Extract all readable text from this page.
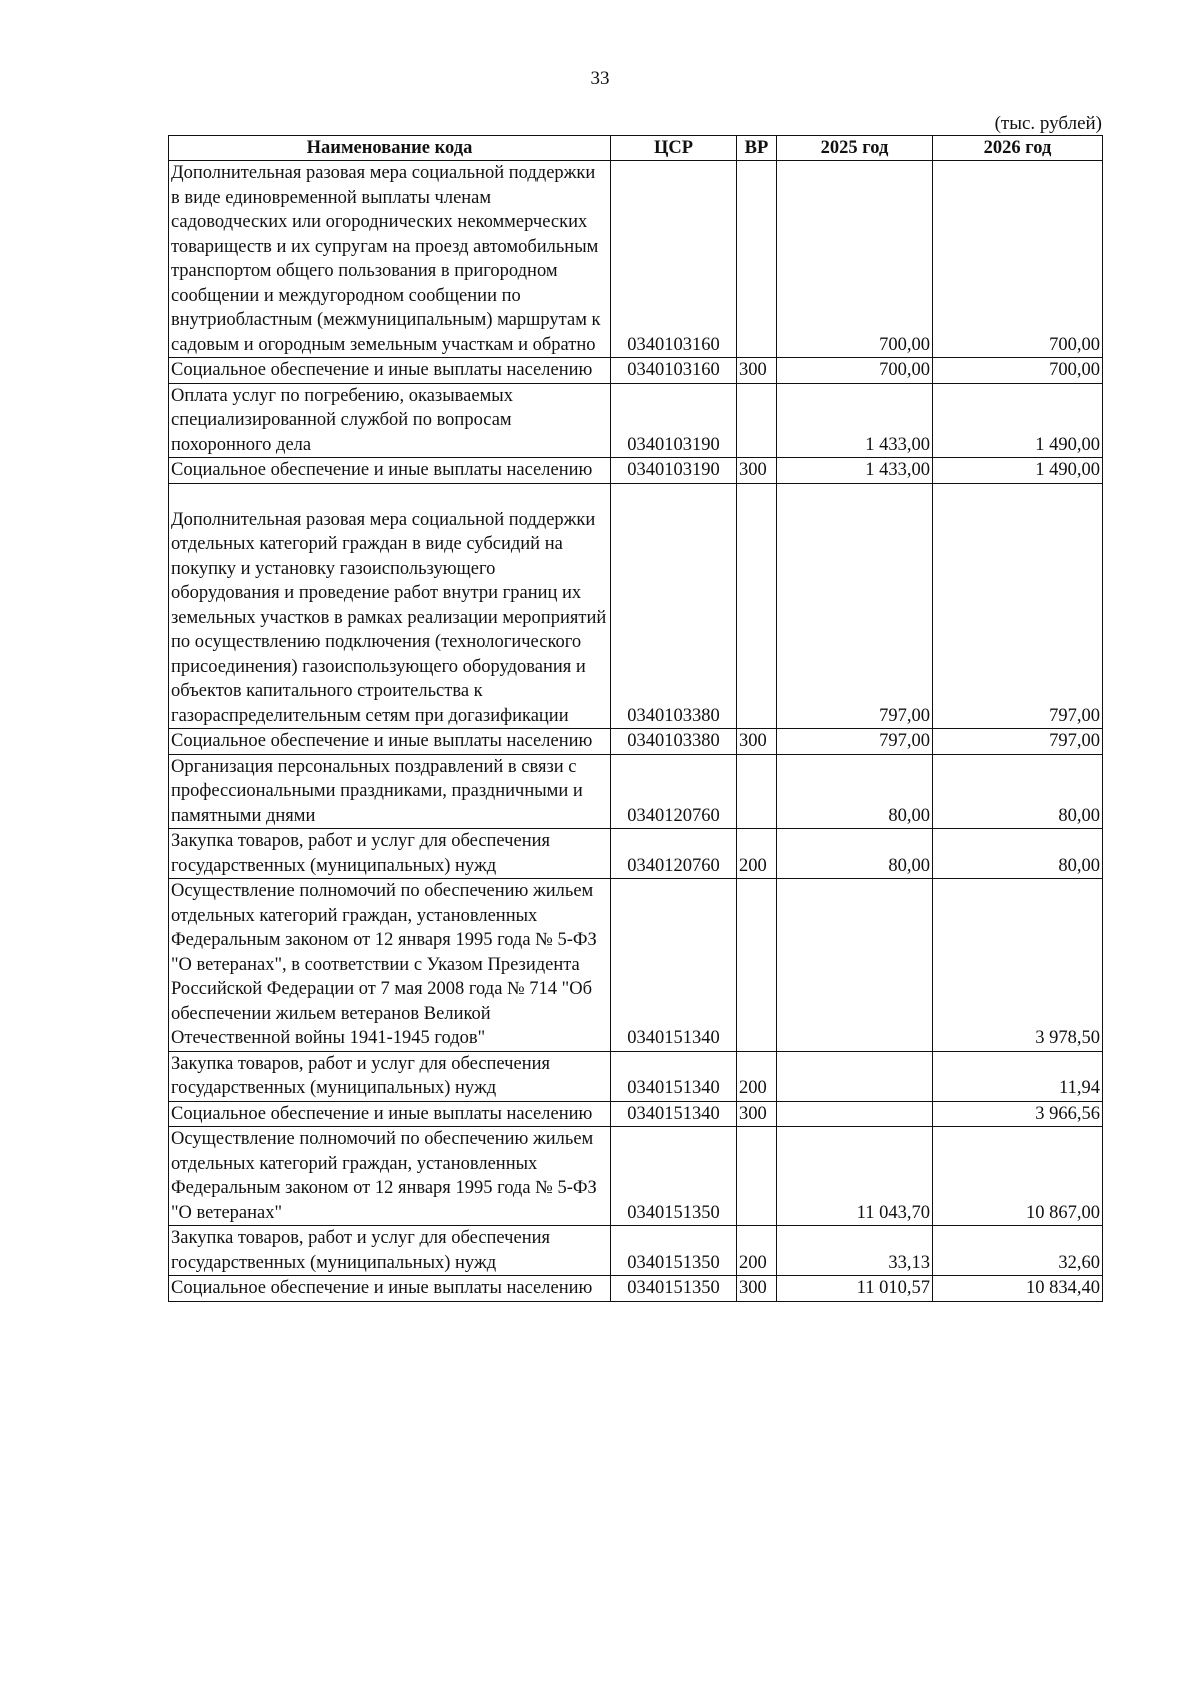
33
(тыс. рублей)
Наименование кода	ЦСР	ВР	2025 год	2026 год
Дополнительная разовая мера социальной поддержки в виде единовременной выплаты членам садоводческих или огороднических некоммерческих товариществ и их супругам на проезд автомобильным транспортом общего пользования в пригородном сообщении и междугородном сообщении по внутриобластным (межмуниципальным) маршрутам к садовым и огородным земельным участкам и обратно	0340103160		700,00	700,00
Социальное обеспечение и иные выплаты населению	0340103160	300	700,00	700,00
Оплата услуг по погребению, оказываемых специализированной службой по вопросам похоронного дела	0340103190		1 433,00	1 490,00
Социальное обеспечение и иные выплаты населению	0340103190	300	1 433,00	1 490,00
Дополнительная разовая мера социальной поддержки отдельных категорий граждан в виде субсидий на покупку и установку газоиспользующего оборудования и проведение работ внутри границ их земельных участков в рамках реализации мероприятий по осуществлению подключения (технологического присоединения) газоиспользующего оборудования и объектов капитального строительства к газораспределительным сетям при догазификации	0340103380		797,00	797,00
Социальное обеспечение и иные выплаты населению	0340103380	300	797,00	797,00
Организация персональных поздравлений в связи с профессиональными праздниками, праздничными и памятными днями	0340120760		80,00	80,00
Закупка товаров, работ и услуг для обеспечения государственных (муниципальных) нужд	0340120760	200	80,00	80,00
Осуществление полномочий по обеспечению жильем отдельных категорий граждан, установленных Федеральным законом от 12 января 1995 года № 5-ФЗ "О ветеранах", в соответствии с Указом Президента Российской Федерации от 7 мая 2008 года № 714 "Об обеспечении жильем ветеранов Великой Отечественной войны 1941-1945 годов"	0340151340			3 978,50
Закупка товаров, работ и услуг для обеспечения государственных (муниципальных) нужд	0340151340	200		11,94
Социальное обеспечение и иные выплаты населению	0340151340	300		3 966,56
Осуществление полномочий по обеспечению жильем отдельных категорий граждан, установленных Федеральным законом от 12 января 1995 года № 5-ФЗ "О ветеранах"	0340151350		11 043,70	10 867,00
Закупка товаров, работ и услуг для обеспечения государственных (муниципальных) нужд	0340151350	200	33,13	32,60
Социальное обеспечение и иные выплаты населению	0340151350	300	11 010,57	10 834,40
